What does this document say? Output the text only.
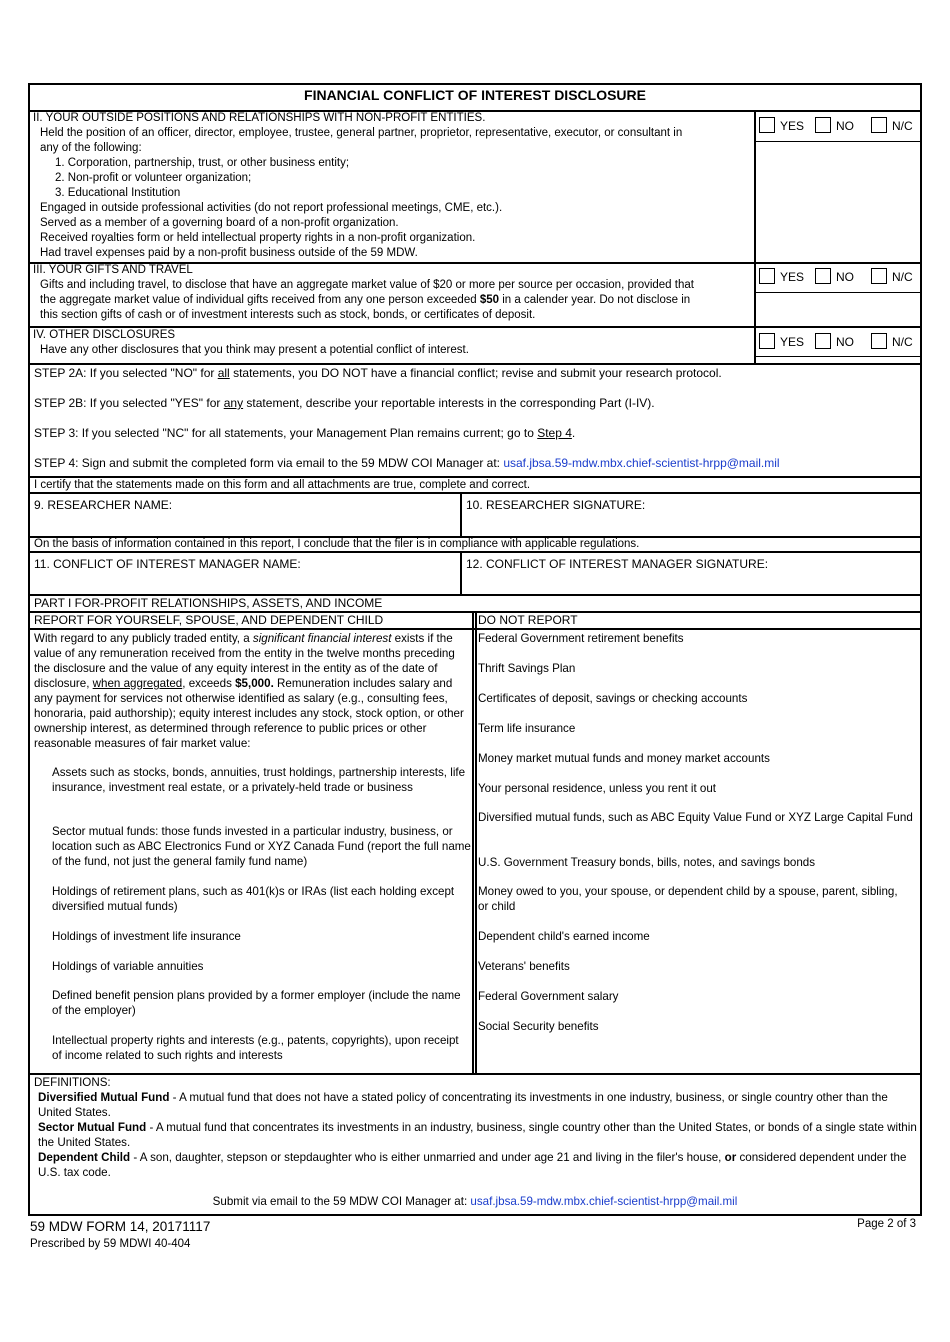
FINANCIAL CONFLICT OF INTEREST DISCLOSURE

II. YOUR OUTSIDE POSITIONS AND RELATIONSHIPS WITH NON-PROFIT ENTITIES.

Held the position of an officer, director, employee, trustee, general partner, proprietor, representative, executor, or consultant in

any of the following:

1. Corporation, partnership, trust, or other business entity;

2. Non-profit or volunteer organization;

3. Educational Institution

Engaged in outside professional activities (do not report professional meetings, CME, etc.).

Served as a member of a governing board of a non-profit organization.

Received royalties form or held intellectual property rights in a non-profit organization.

Had travel expenses paid by a non-profit business outside of the 59 MDW.

YES	NO	N/C

III. YOUR GIFTS AND TRAVEL

Gifts and including travel, to disclose that have an aggregate market value of $20 or more per source per occasion, provided that

the aggregate market value of individual gifts received from any one person exceeded $50 in a calender year. Do not disclose in

this section gifts of cash or of investment interests such as stock, bonds, or certificates of deposit.

YES	NO	N/C

IV. OTHER DISCLOSURES

Have any other disclosures that you think may present a potential conflict of interest.

YES	NO	N/C

STEP 2A: If you selected "NO" for all statements, you DO NOT have a financial conflict; revise and submit your research protocol.

STEP 2B: If you selected "YES" for any statement, describe your reportable interests in the corresponding Part (I-IV).

STEP 3: If you selected "NC" for all statements, your Management Plan remains current; go to Step 4.

STEP 4: Sign and submit the completed form via email to the 59 MDW COI Manager at: usaf.jbsa.59-mdw.mbx.chief-scientist-hrpp@mail.mil

I certify that the statements made on this form and all attachments are true, complete and correct.
9. RESEARCHER NAME:	10. RESEARCHER SIGNATURE:
On the basis of information contained in this report, I conclude that the filer is in compliance with applicable regulations.
11. CONFLICT OF INTEREST MANAGER NAME:	12. CONFLICT OF INTEREST MANAGER SIGNATURE:
PART I FOR-PROFIT RELATIONSHIPS, ASSETS, AND INCOME
REPORT FOR YOURSELF, SPOUSE, AND DEPENDENT CHILD	DO NOT REPORT

With regard to any publicly traded entity, a significant financial interest exists if the value of any remuneration received from the entity in the twelve months preceding the disclosure and the value of any equity interest in the entity as of the date of disclosure, when aggregated, exceeds $5,000. Remuneration includes salary and any payment for services not otherwise identified as salary (e.g., consulting fees, honoraria, paid authorship); equity interest includes any stock, stock option, or other ownership interest, as determined through reference to public prices or other reasonable measures of fair market value:

Assets such as stocks, bonds, annuities, trust holdings, partnership interests, life insurance, investment real estate, or a privately-held trade or business
Sector mutual funds: those funds invested in a particular industry, business, or location such as ABC Electronics Fund or XYZ Canada Fund (report the full name of the fund, not just the general family fund name)
Holdings of retirement plans, such as 401(k)s or IRAs (list each holding except diversified mutual funds)
Holdings of investment life insurance
Holdings of variable annuities
Defined benefit pension plans provided by a former employer (include the name of the employer)
Intellectual property rights and interests (e.g., patents, copyrights), upon receipt of income related to such rights and interests
Federal Government retirement benefits
Thrift Savings Plan
Certificates of deposit, savings or checking accounts
Term life insurance
Money market mutual funds and money market accounts
Your personal residence, unless you rent it out
Diversified mutual funds, such as ABC Equity Value Fund or XYZ Large Capital Fund
U.S. Government Treasury bonds, bills, notes, and savings bonds
Money owed to you, your spouse, or dependent child by a spouse, parent, sibling, or child
Dependent child's earned income
Veterans' benefits
Federal Government salary
Social Security benefits

DEFINITIONS:

Diversified Mutual Fund - A mutual fund that does not have a stated policy of concentrating its investments in one industry, business, or single country other than the United States.

Sector Mutual Fund - A mutual fund that concentrates its investments in an industry, business, single country other than the United States, or bonds of a single state within the United States.

Dependent Child - A son, daughter, stepson or stepdaughter who is either unmarried and under age 21 and living in the filer's house, or considered dependent under the U.S. tax code.

Submit via email to the 59 MDW COI Manager at: usaf.jbsa.59-mdw.mbx.chief-scientist-hrpp@mail.mil
59 MDW FORM 14, 20171117
Prescribed by 59 MDWI 40-404
Page 2 of 3
